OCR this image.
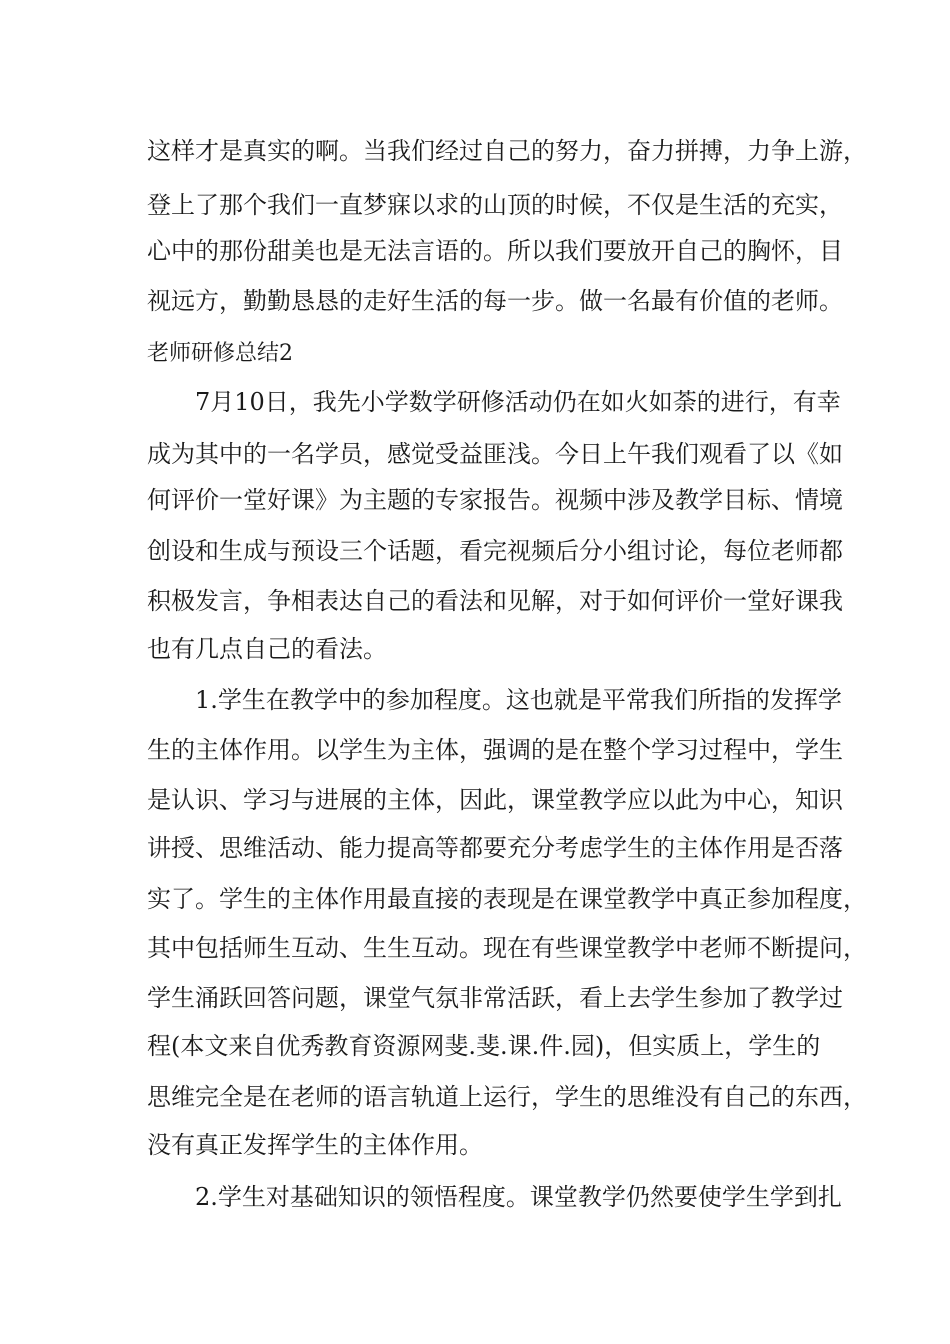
这样才是真实的啊。当我们经过自己的努力，奋力拼搏，力争上游，
登上了那个我们一直梦寐以求的山顶的时候，不仅是生活的充实，
心中的那份甜美也是无法言语的。所以我们要放开自己的胸怀，目
视远方，勤勤恳恳的走好生活的每一步。做一名最有价值的老师。
老师研修总结2
7月10日，我先小学数学研修活动仍在如火如荼的进行，有幸
成为其中的一名学员，感觉受益匪浅。今日上午我们观看了以《如
何评价一堂好课》为主题的专家报告。视频中涉及教学目标、情境
创设和生成与预设三个话题，看完视频后分小组讨论，每位老师都
积极发言，争相表达自己的看法和见解，对于如何评价一堂好课我
也有几点自己的看法。
1.学生在教学中的参加程度。这也就是平常我们所指的发挥学
生的主体作用。以学生为主体，强调的是在整个学习过程中，学生
是认识、学习与进展的主体，因此，课堂教学应以此为中心，知识
讲授、思维活动、能力提高等都要充分考虑学生的主体作用是否落
实了。学生的主体作用最直接的表现是在课堂教学中真正参加程度，
其中包括师生互动、生生互动。现在有些课堂教学中老师不断提问，
学生涌跃回答问题，课堂气氛非常活跃，看上去学生参加了教学过
程(本文来自优秀教育资源网斐.斐.课.件.园)，但实质上，学生的
思维完全是在老师的语言轨道上运行，学生的思维没有自己的东西，
没有真正发挥学生的主体作用。
2.学生对基础知识的领悟程度。课堂教学仍然要使学生学到扎
